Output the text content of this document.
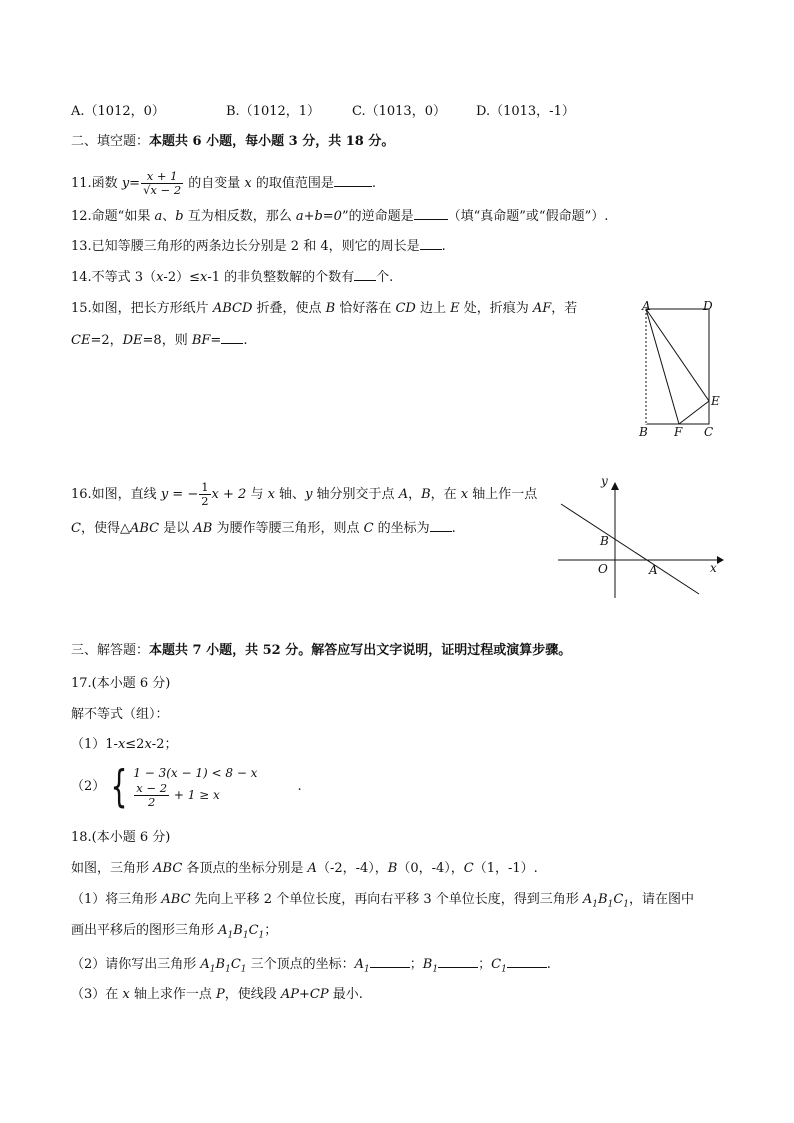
A.（1012，0）	B.（1012，1） C.（1013，0） D.（1013，-1）
二、填空题：本题共 6 小题，每小题 3 分，共 18 分。
11.函数 $y= \frac{x + 1}{√x - 2}$ 的自变量 x 的取值范围是	.
12.命题“如果 a、b 互为相反数，那么 a+b=0”的逆命题是	（填“真命题”或“假命题”）.
13.已知等腰三角形的两条边长分别是 2 和 4，则它的周长是 .
14.不等式 3（x-2）≤x-1 的非负整数解的个数有 个.
15.如图，把长方形纸片 ABCD 折叠，使点 B 恰好落在 CD 边上 E 处，折痕为 AF，若
CE=2，DE=8，则 BF= .
A	D
E
B F C
16.如图，直线 y = − $\frac{1}{2}$ x + 2 与 x 轴、y 轴分别交于点 A，B，在 x 轴上作一点
C，使得△ABC 是以 AB 为腰作等腰三角形，则点 C 的坐标为 .
y
x
O	A
B
三、解答题：本题共 7 小题，共 52 分。解答应写出文字说明，证明过程或演算步骤。
17.(本小题 6 分)
解不等式（组）：
（1）1-x≤2x-2；
（2） { 1 − 3(x − 1) < 8 − x
$\frac{x - 2}{2} + 1 \ge x$
.
18.(本小题 6 分)
如图，三角形 ABC 各顶点的坐标分别是 A（-2，-4），B（0，-4），C（1，-1）.
（1）将三角形 ABC 先向上平移 2 个单位长度，再向右平移 3 个单位长度，得到三角形 $A_1B_1C_1$，请在图中
画出平移后的图形三角形 $A_1B_1C_1$；
（2）请你写出三角形 $A_1B_1C_1$ 三个顶点的坐标：$A_1$	；$B_1$	；$C_1$	.
（3）在 x 轴上求作一点 P，使线段 AP+CP 最小.
